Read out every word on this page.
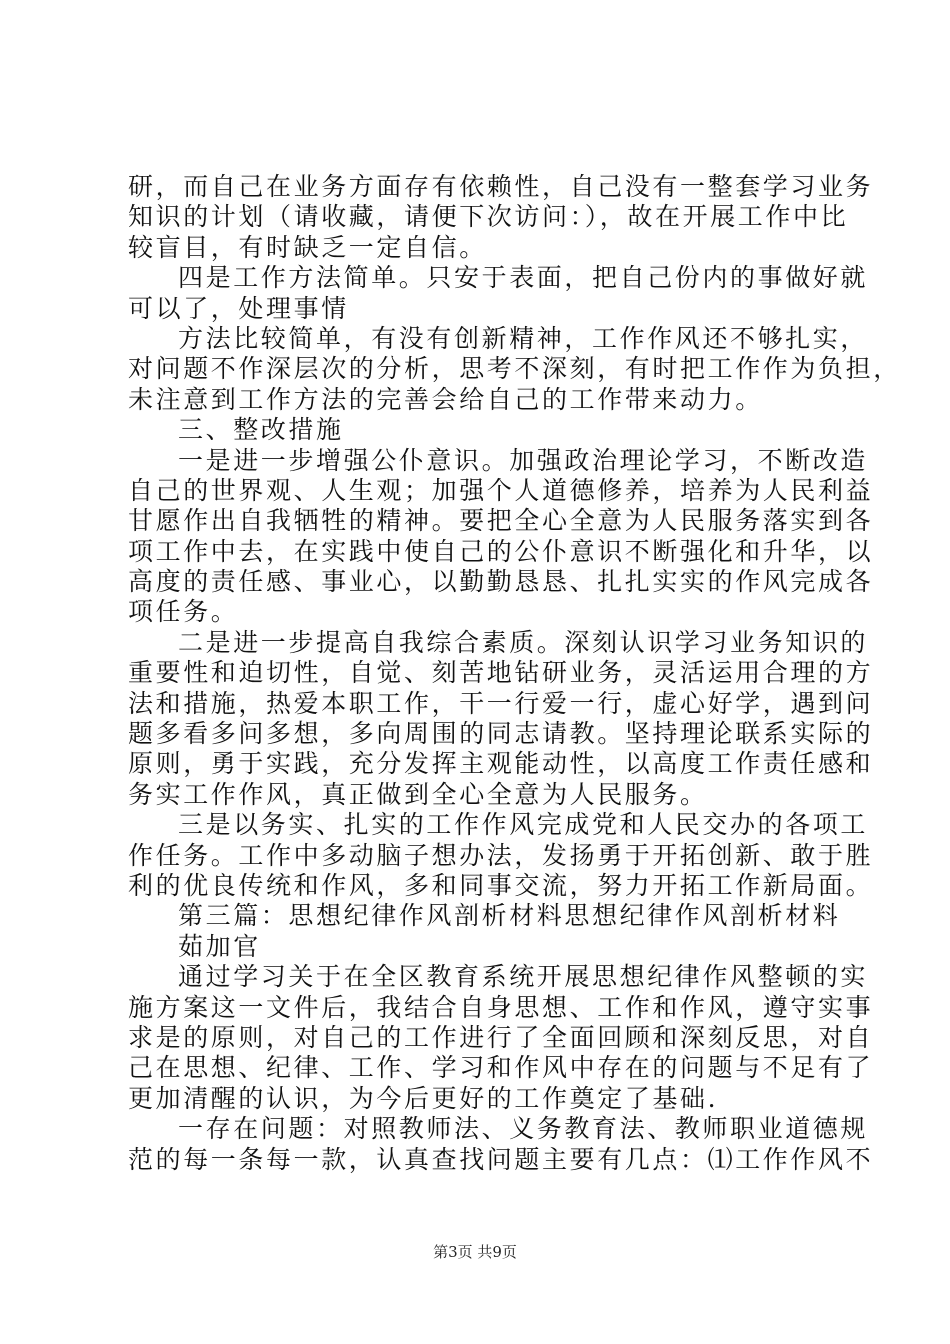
研，而自己在业务方面存有依赖性，自己没有一整套学习业务
知识的计划（请收藏，请便下次访问：），故在开展工作中比
较盲目，有时缺乏一定自信。
四是工作方法简单。只安于表面，把自己份内的事做好就
可以了，处理事情
方法比较简单，有没有创新精神，工作作风还不够扎实，
对问题不作深层次的分析，思考不深刻，有时把工作作为负担，
未注意到工作方法的完善会给自己的工作带来动力。
三、整改措施
一是进一步增强公仆意识。加强政治理论学习，不断改造
自己的世界观、人生观；加强个人道德修养，培养为人民利益
甘愿作出自我牺牲的精神。要把全心全意为人民服务落实到各
项工作中去，在实践中使自己的公仆意识不断强化和升华，以
高度的责任感、事业心，以勤勤恳恳、扎扎实实的作风完成各
项任务。
二是进一步提高自我综合素质。深刻认识学习业务知识的
重要性和迫切性，自觉、刻苦地钻研业务，灵活运用合理的方
法和措施，热爱本职工作，干一行爱一行，虚心好学，遇到问
题多看多问多想，多向周围的同志请教。坚持理论联系实际的
原则，勇于实践，充分发挥主观能动性，以高度工作责任感和
务实工作作风，真正做到全心全意为人民服务。
三是以务实、扎实的工作作风完成党和人民交办的各项工
作任务。工作中多动脑子想办法，发扬勇于开拓创新、敢于胜
利的优良传统和作风，多和同事交流，努力开拓工作新局面。
第三篇：思想纪律作风剖析材料思想纪律作风剖析材料
茹加官
通过学习关于在全区教育系统开展思想纪律作风整顿的实
施方案这一文件后，我结合自身思想、工作和作风，遵守实事
求是的原则，对自己的工作进行了全面回顾和深刻反思，对自
己在思想、纪律、工作、学习和作风中存在的问题与不足有了
更加清醒的认识，为今后更好的工作奠定了基础.
一存在问题：对照教师法、义务教育法、教师职业道德规
范的每一条每一款，认真查找问题主要有几点：⑴工作作风不
第3页 共9页
